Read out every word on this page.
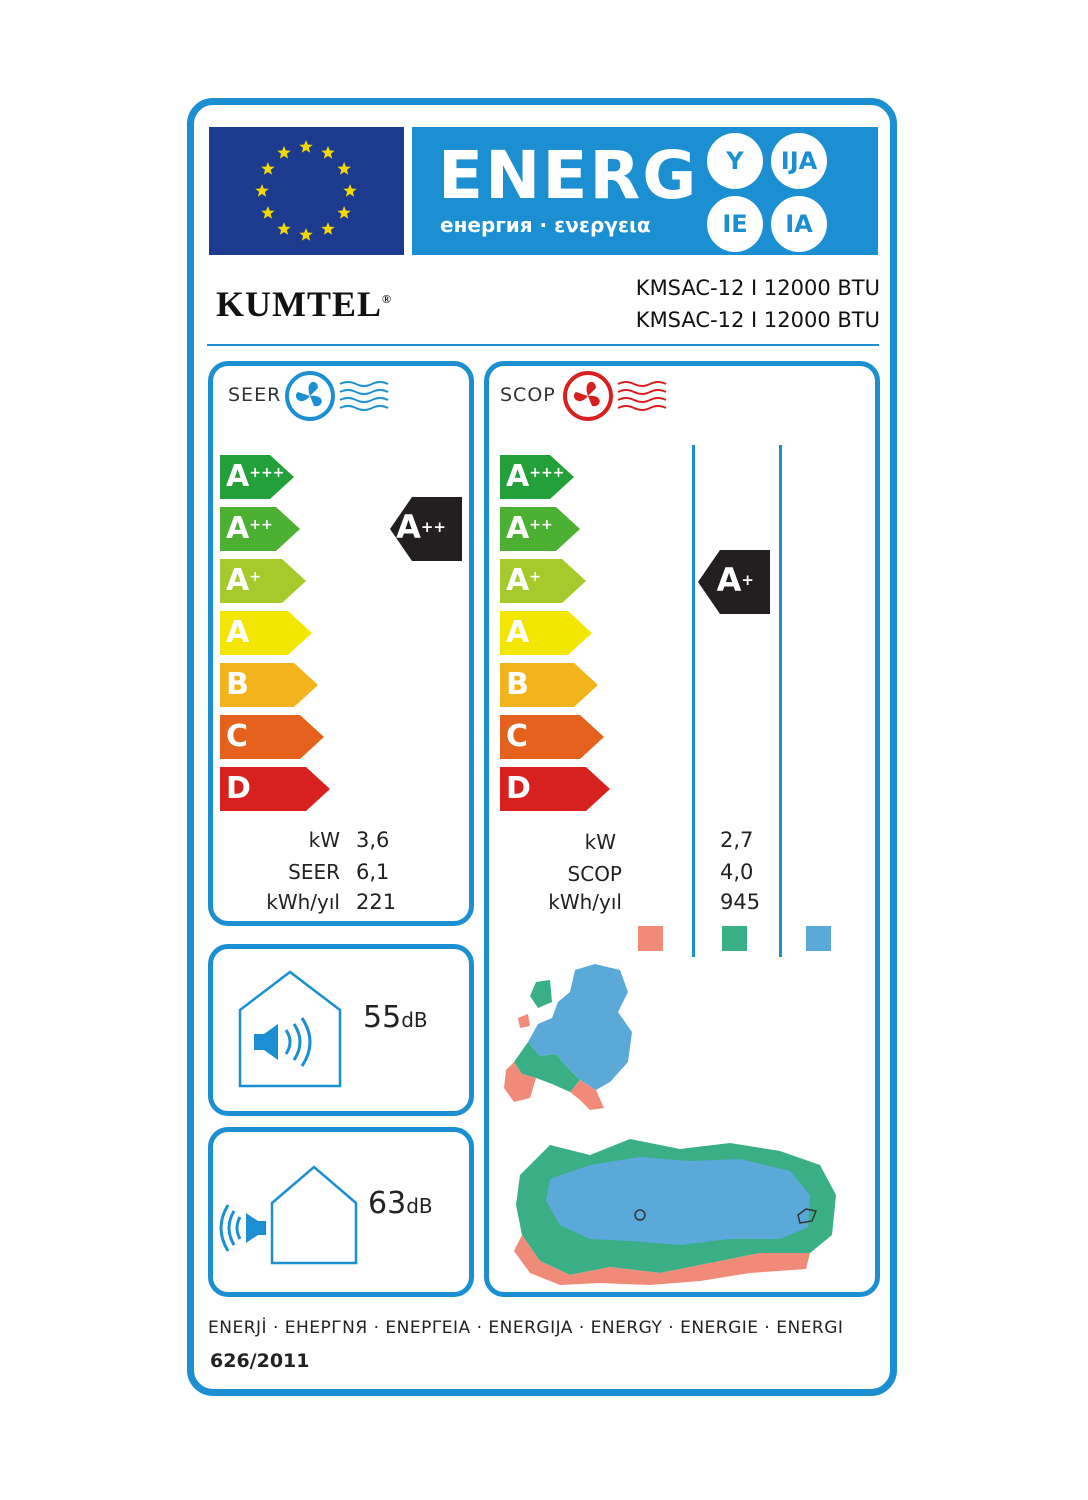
ENERG
енергия · ενεργεια
Y	IJA
IE	IA
KUMTEL®	KMSAC-12 I 12000 BTU
KMSAC-12 I 12000 BTU
SEER
A+++
A++
A+
A
B
C
D
A++
kW 3,6
SEER 6,1
kWh/yıl 221
SCOP
A+++
A++
A+
A
B
C
D
A+
kW	2,7
SCOP	4,0
kWh/yıl	945
55dB
63dB
ENERJİ · ЕНЕРГNЯ · ΕΝΕΡΓΕΙΑ · ENERGIJA · ENERGY · ENERGIE · ENERGI
626/2011
